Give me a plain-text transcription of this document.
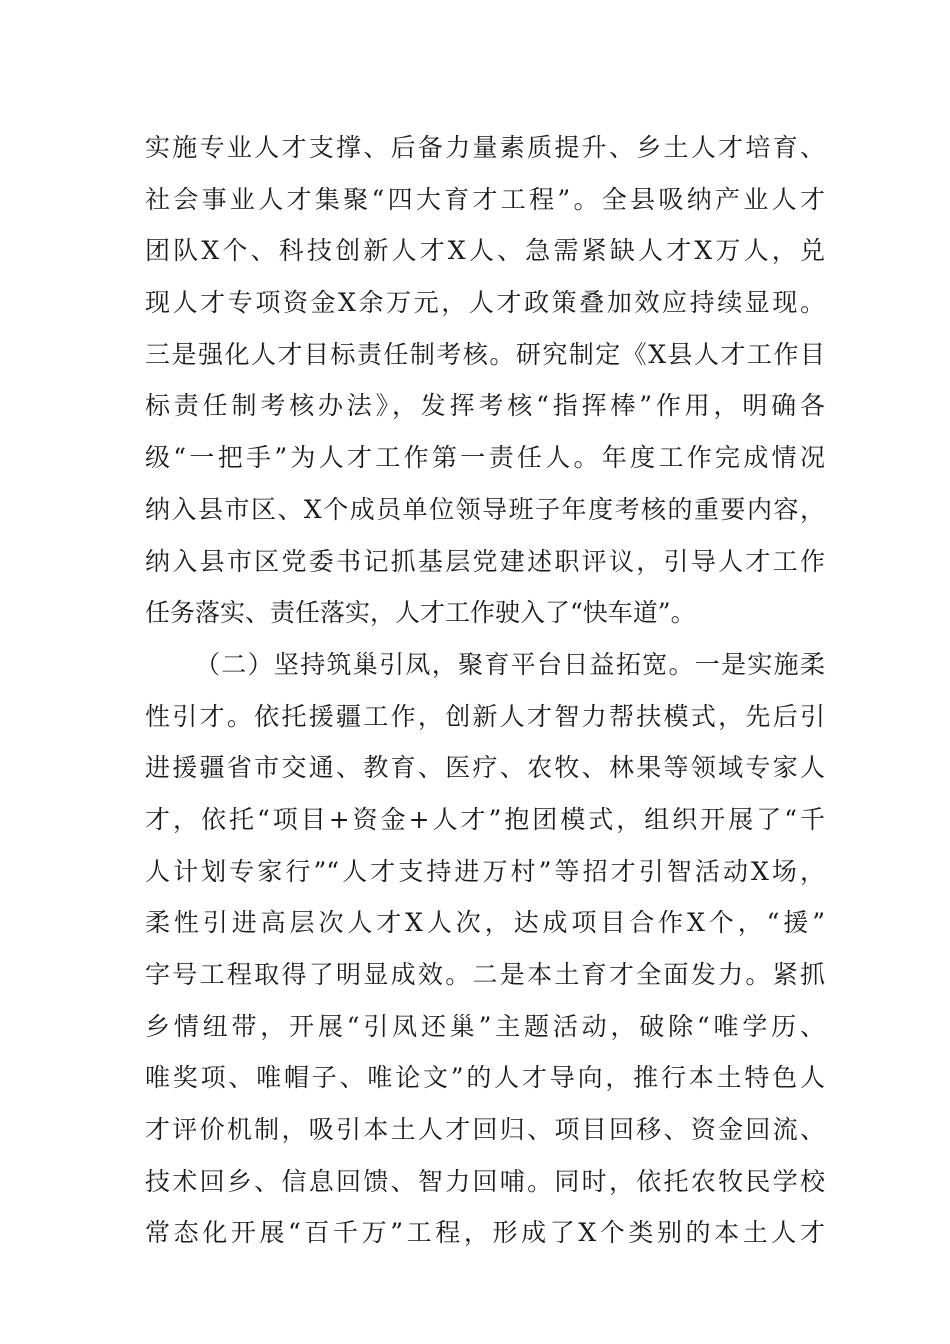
实施专业人才支撑、后备力量素质提升、乡土人才培育、
社会事业人才集聚“四大育才工程”。全县吸纳产业人才
团队X个、科技创新人才X人、急需紧缺人才X万人，兑
现人才专项资金X余万元，人才政策叠加效应持续显现。
三是强化人才目标责任制考核。研究制定《X县人才工作目
标责任制考核办法》，发挥考核“指挥棒”作用，明确各
级“一把手”为人才工作第一责任人。年度工作完成情况
纳入县市区、X个成员单位领导班子年度考核的重要内容，
纳入县市区党委书记抓基层党建述职评议，引导人才工作
任务落实、责任落实，人才工作驶入了“快车道”。
（二）坚持筑巢引凤，聚育平台日益拓宽。一是实施柔
性引才。依托援疆工作，创新人才智力帮扶模式，先后引
进援疆省市交通、教育、医疗、农牧、林果等领域专家人
才，依托“项目+资金+人才”抱团模式，组织开展了“千
人计划专家行”“人才支持进万村”等招才引智活动X场，
柔性引进高层次人才X人次，达成项目合作X个，“援”
字号工程取得了明显成效。二是本土育才全面发力。紧抓
乡情纽带，开展“引凤还巢”主题活动，破除“唯学历、
唯奖项、唯帽子、唯论文”的人才导向，推行本土特色人
才评价机制，吸引本土人才回归、项目回移、资金回流、
技术回乡、信息回馈、智力回哺。同时，依托农牧民学校
常态化开展“百千万”工程，形成了X个类别的本土人才
